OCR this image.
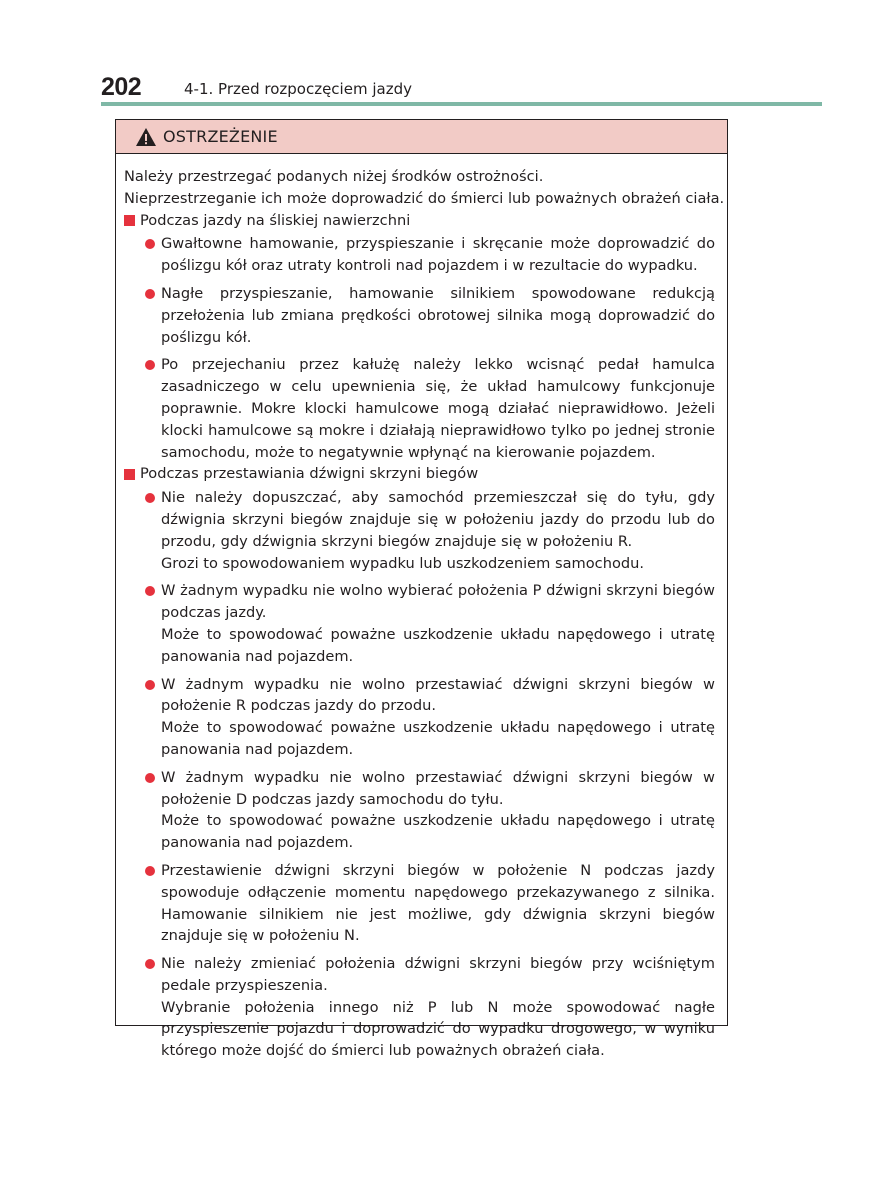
202	4-1. Przed rozpoczęciem jazdy
OSTRZEŻENIE

Należy przestrzegać podanych niżej środków ostrożności.

Nieprzestrzeganie ich może doprowadzić do śmierci lub poważnych obrażeń ciała.

Podczas jazdy na śliskiej nawierzchni

Gwałtowne hamowanie, przyspieszanie i skręcanie może doprowadzić do poślizgu kół oraz utraty kontroli nad pojazdem i w rezultacie do wypadku.

Nagłe przyspieszanie, hamowanie silnikiem spowodowane redukcją przełożenia lub zmiana prędkości obrotowej silnika mogą doprowadzić do poślizgu kół.

Po przejechaniu przez kałużę należy lekko wcisnąć pedał hamulca zasadniczego w celu upewnienia się, że układ hamulcowy funkcjonuje poprawnie. Mokre klocki hamulcowe mogą działać nieprawidłowo. Jeżeli klocki hamulcowe są mokre i działają nieprawidłowo tylko po jednej stronie samochodu, może to negatywnie wpłynąć na kierowanie pojazdem.

Podczas przestawiania dźwigni skrzyni biegów

Nie należy dopuszczać, aby samochód przemieszczał się do tyłu, gdy dźwignia skrzyni biegów znajduje się w położeniu jazdy do przodu lub do przodu, gdy dźwignia skrzyni biegów znajduje się w położeniu R.

Grozi to spowodowaniem wypadku lub uszkodzeniem samochodu.

W żadnym wypadku nie wolno wybierać położenia P dźwigni skrzyni biegów podczas jazdy.

Może to spowodować poważne uszkodzenie układu napędowego i utratę panowania nad pojazdem.

W żadnym wypadku nie wolno przestawiać dźwigni skrzyni biegów w położenie R podczas jazdy do przodu.

Może to spowodować poważne uszkodzenie układu napędowego i utratę panowania nad pojazdem.

W żadnym wypadku nie wolno przestawiać dźwigni skrzyni biegów w położenie D podczas jazdy samochodu do tyłu.

Może to spowodować poważne uszkodzenie układu napędowego i utratę panowania nad pojazdem.

Przestawienie dźwigni skrzyni biegów w położenie N podczas jazdy spowoduje odłączenie momentu napędowego przekazywanego z silnika. Hamowanie silnikiem nie jest możliwe, gdy dźwignia skrzyni biegów znajduje się w położeniu N.

Nie należy zmieniać położenia dźwigni skrzyni biegów przy wciśniętym pedale przyspieszenia.

Wybranie położenia innego niż P lub N może spowodować nagłe przyspieszenie pojazdu i doprowadzić do wypadku drogowego, w wyniku którego może dojść do śmierci lub poważnych obrażeń ciała.
